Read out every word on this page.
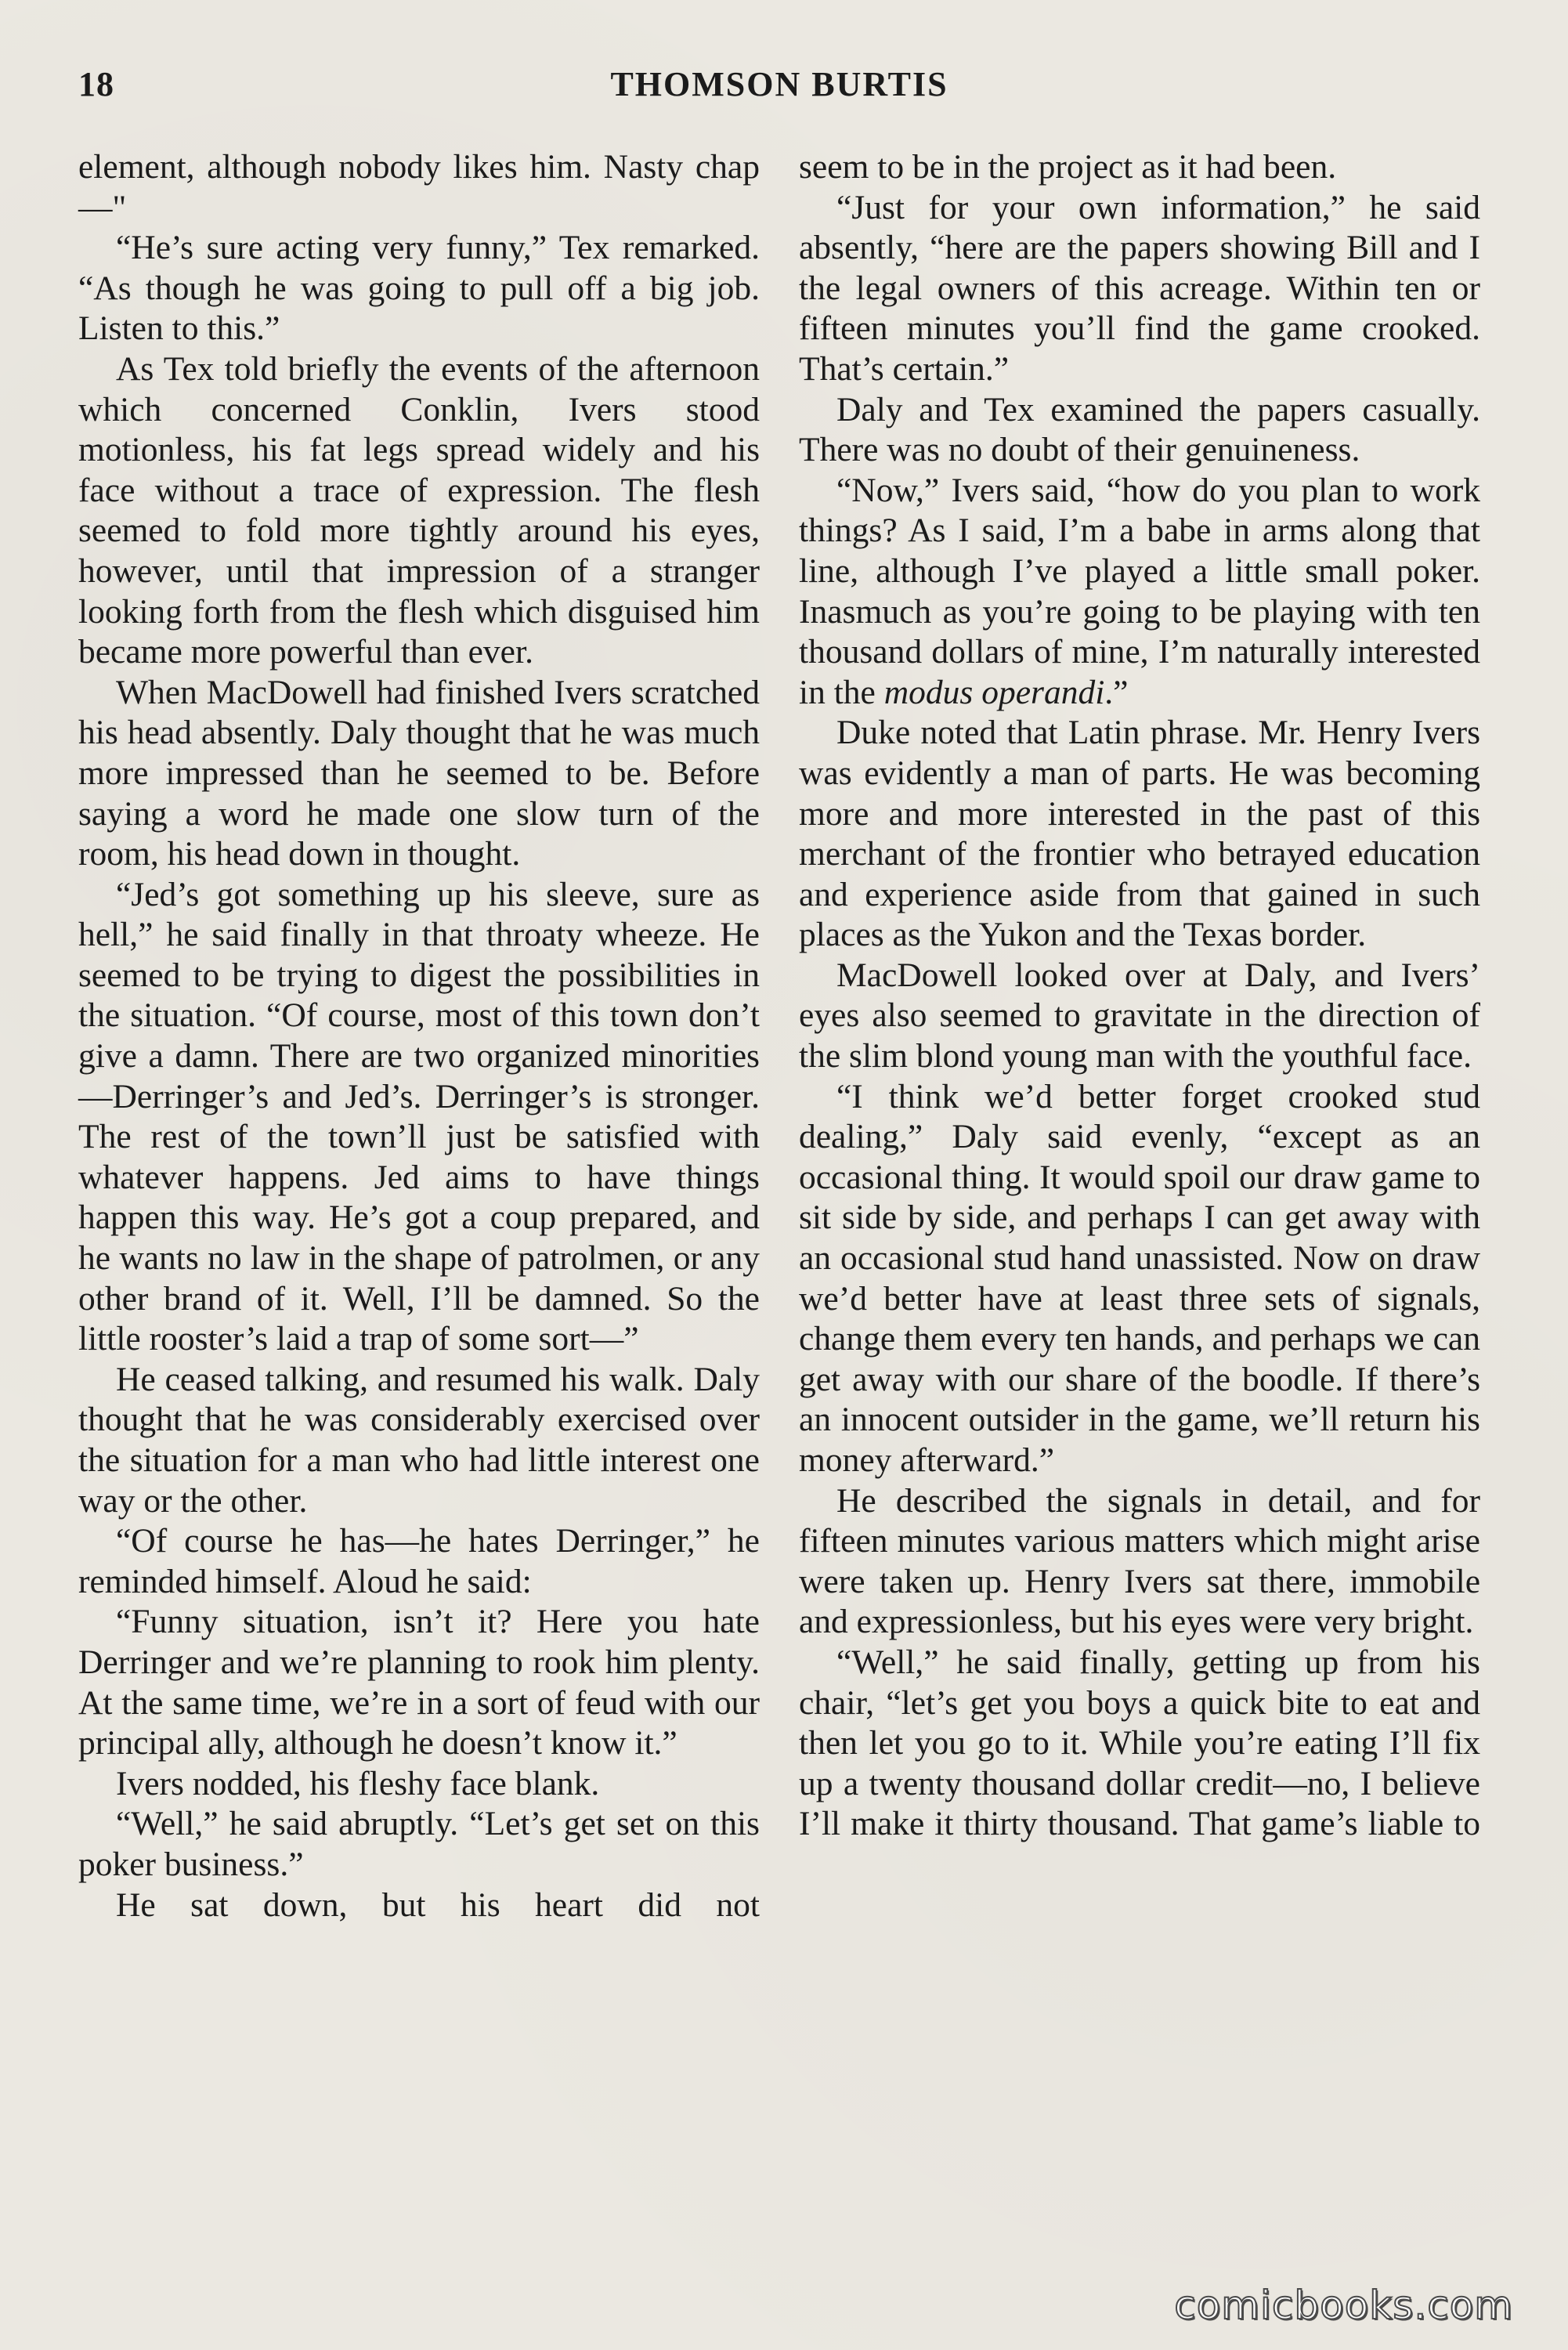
18	THOMSON BURTIS

element, although nobody likes him. Nasty chap—"

“He’s sure acting very funny,” Tex remarked. “As though he was going to pull off a big job. Listen to this.”

As Tex told briefly the events of the afternoon which concerned Conklin, Ivers stood motionless, his fat legs spread widely and his face without a trace of expression. The flesh seemed to fold more tightly around his eyes, however, until that impression of a stranger looking forth from the flesh which disguised him became more powerful than ever.

When MacDowell had finished Ivers scratched his head absently. Daly thought that he was much more impressed than he seemed to be. Before saying a word he made one slow turn of the room, his head down in thought.

“Jed’s got something up his sleeve, sure as hell,” he said finally in that throaty wheeze. He seemed to be trying to digest the possibilities in the situation. “Of course, most of this town don’t give a damn. There are two organized minorities—Derringer’s and Jed’s. Derringer’s is stronger. The rest of the town’ll just be satisfied with whatever happens. Jed aims to have things happen this way. He’s got a coup prepared, and he wants no law in the shape of patrolmen, or any other brand of it. Well, I’ll be damned. So the little rooster’s laid a trap of some sort—”

He ceased talking, and resumed his walk. Daly thought that he was considerably exercised over the situation for a man who had little interest one way or the other.

“Of course he has—he hates Derringer,” he reminded himself. Aloud he said:

“Funny situation, isn’t it? Here you hate Derringer and we’re planning to rook him plenty. At the same time, we’re in a sort of feud with our principal ally, although he doesn’t know it.”

Ivers nodded, his fleshy face blank.

“Well,” he said abruptly. “Let’s get set on this poker business.”

He sat down, but his heart did not

seem to be in the project as it had been.

“Just for your own information,” he said absently, “here are the papers showing Bill and I the legal owners of this acreage. Within ten or fifteen minutes you’ll find the game crooked. That’s certain.”

Daly and Tex examined the papers casually. There was no doubt of their genuineness.

“Now,” Ivers said, “how do you plan to work things? As I said, I’m a babe in arms along that line, although I’ve played a little small poker. Inasmuch as you’re going to be playing with ten thousand dollars of mine, I’m naturally interested in the modus operandi.”

Duke noted that Latin phrase. Mr. Henry Ivers was evidently a man of parts. He was becoming more and more interested in the past of this merchant of the frontier who betrayed education and experience aside from that gained in such places as the Yukon and the Texas border.

MacDowell looked over at Daly, and Ivers’ eyes also seemed to gravitate in the direction of the slim blond young man with the youthful face.

“I think we’d better forget crooked stud dealing,” Daly said evenly, “except as an occasional thing. It would spoil our draw game to sit side by side, and perhaps I can get away with an occasional stud hand unassisted. Now on draw we’d better have at least three sets of signals, change them every ten hands, and perhaps we can get away with our share of the boodle. If there’s an innocent outsider in the game, we’ll return his money afterward.”

He described the signals in detail, and for fifteen minutes various matters which might arise were taken up. Henry Ivers sat there, immobile and expressionless, but his eyes were very bright.

“Well,” he said finally, getting up from his chair, “let’s get you boys a quick bite to eat and then let you go to it. While you’re eating I’ll fix up a twenty thousand dollar credit—no, I believe I’ll make it thirty thousand. That game’s liable to

comicbooks.com
